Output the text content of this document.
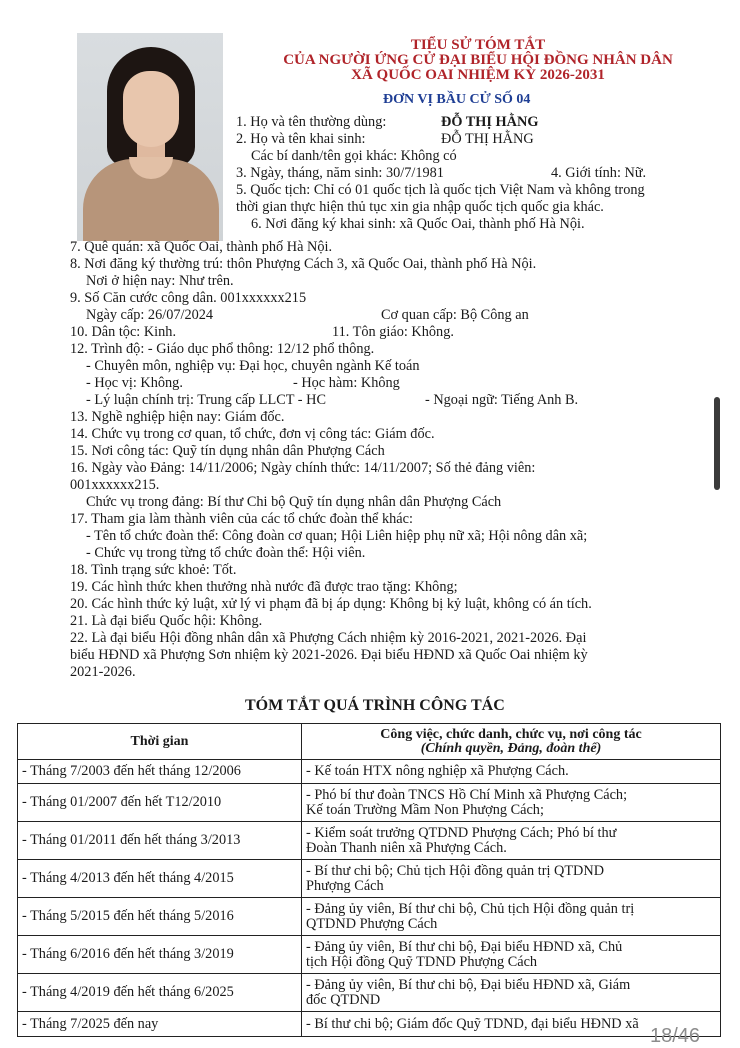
TIỂU SỬ TÓM TẮT
CỦA NGƯỜI ỨNG CỬ ĐẠI BIỂU HỘI ĐỒNG NHÂN DÂN
XÃ QUỐC OAI NHIỆM KỲ 2026-2031
ĐƠN VỊ BẦU CỬ SỐ 04
1. Họ và tên thường dùng:	ĐỖ THỊ HẰNG
2. Họ và tên khai sinh:	ĐỖ THỊ HẰNG
Các bí danh/tên gọi khác: Không có
3. Ngày, tháng, năm sinh: 30/7/1981	4. Giới tính: Nữ.
5. Quốc tịch: Chỉ có 01 quốc tịch là quốc tịch Việt Nam và không trong
thời gian thực hiện thủ tục xin gia nhập quốc tịch quốc gia khác.
6. Nơi đăng ký khai sinh: xã Quốc Oai, thành phố Hà Nội.
7. Quê quán: xã Quốc Oai, thành phố Hà Nội.
8. Nơi đăng ký thường trú: thôn Phượng Cách 3, xã Quốc Oai, thành phố Hà Nội.
Nơi ở hiện nay: Như trên.
9. Số Căn cước công dân. 001xxxxxx215
Ngày cấp: 26/07/2024	Cơ quan cấp: Bộ Công an
10. Dân tộc: Kinh.	11. Tôn giáo: Không.
12. Trình độ: - Giáo dục phổ thông: 12/12 phổ thông.
- Chuyên môn, nghiệp vụ: Đại học, chuyên ngành Kế toán
- Học vị: Không.	- Học hàm: Không
- Lý luận chính trị: Trung cấp LLCT - HC	- Ngoại ngữ: Tiếng Anh B.
13. Nghề nghiệp hiện nay: Giám đốc.
14. Chức vụ trong cơ quan, tổ chức, đơn vị công tác: Giám đốc.
15. Nơi công tác: Quỹ tín dụng nhân dân Phượng Cách
16. Ngày vào Đảng: 14/11/2006; Ngày chính thức: 14/11/2007; Số thẻ đảng viên:
001xxxxxx215.
Chức vụ trong đảng: Bí thư Chi bộ Quỹ tín dụng nhân dân Phượng Cách
17. Tham gia làm thành viên của các tổ chức đoàn thể khác:
- Tên tổ chức đoàn thể: Công đoàn cơ quan; Hội Liên hiệp phụ nữ xã; Hội nông dân xã;
- Chức vụ trong từng tổ chức đoàn thể: Hội viên.
18. Tình trạng sức khoẻ: Tốt.
19. Các hình thức khen thưởng nhà nước đã được trao tặng: Không;
20. Các hình thức kỷ luật, xử lý vi phạm đã bị áp dụng: Không bị kỷ luật, không có án tích.
21. Là đại biểu Quốc hội: Không.
22. Là đại biểu Hội đồng nhân dân xã Phượng Cách nhiệm kỳ 2016-2021, 2021-2026. Đại
biểu HĐND xã Phượng Sơn nhiệm kỳ 2021-2026. Đại biểu HĐND xã Quốc Oai nhiệm kỳ
2021-2026.
TÓM TẮT QUÁ TRÌNH CÔNG TÁC
Thời gian	Công việc, chức danh, chức vụ, nơi công tác
(Chính quyền, Đảng, đoàn thể)

- Tháng 7/2003 đến hết tháng 12/2006	- Kế toán HTX nông nghiệp xã Phượng Cách.

- Tháng 01/2007 đến hết T12/2010	- Phó bí thư đoàn TNCS Hồ Chí Minh xã Phượng Cách;
Kế toán Trường Mầm Non Phượng Cách;

- Tháng 01/2011 đến hết tháng 3/2013	- Kiểm soát trưởng QTDND Phượng Cách; Phó bí thư
Đoàn Thanh niên xã Phượng Cách.

- Tháng 4/2013 đến hết tháng 4/2015	- Bí thư chi bộ; Chủ tịch Hội đồng quản trị QTDND
Phượng Cách

- Tháng 5/2015 đến hết tháng 5/2016	- Đảng ủy viên, Bí thư chi bộ, Chủ tịch Hội đồng quản trị
QTDND Phượng Cách

- Tháng 6/2016 đến hết tháng 3/2019	- Đảng ủy viên, Bí thư chi bộ, Đại biểu HĐND xã, Chủ
tịch Hội đồng Quỹ TDND Phượng Cách

- Tháng 4/2019 đến hết tháng 6/2025	- Đảng ủy viên, Bí thư chi bộ, Đại biểu HĐND xã, Giám
đốc QTDND

- Tháng 7/2025 đến nay	- Bí thư chi bộ; Giám đốc Quỹ TDND, đại biểu HĐND xã
18/46
